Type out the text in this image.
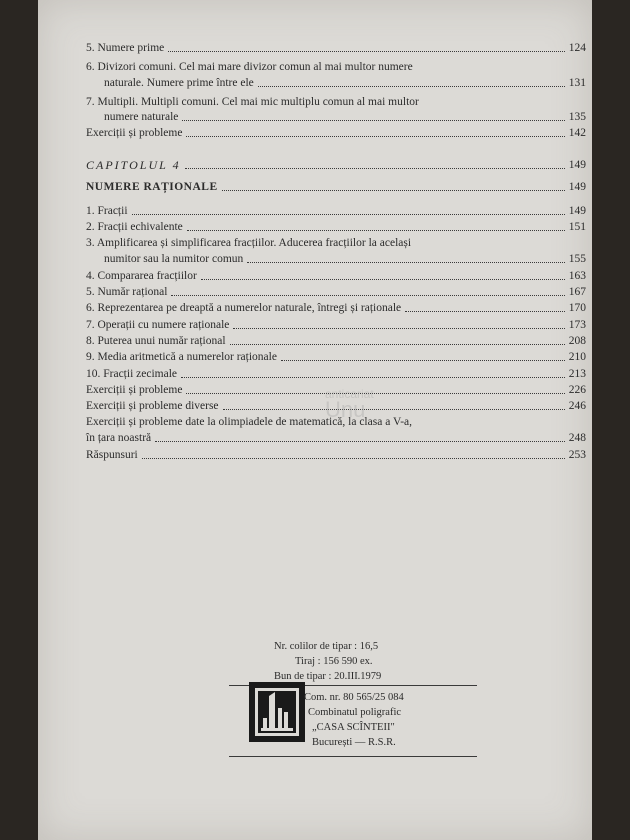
5. Numere prime	124
6. Divizori comuni. Cel mai mare divizor comun al mai multor numere
naturale. Numere prime între ele	131
7. Multipli. Multipli comuni. Cel mai mic multiplu comun al mai multor
numere naturale	135
Exerciții și probleme	142
CAPITOLUL 4	149
NUMERE RAȚIONALE	149
1. Fracții	149
2. Fracții echivalente	151
3. Amplificarea și simplificarea fracțiilor. Aducerea fracțiilor la același
numitor sau la numitor comun	155
4. Compararea fracțiilor	163
5. Număr rațional	167
6. Reprezentarea pe dreaptă a numerelor naturale, întregi și raționale	170
7. Operații cu numere raționale	173
8. Puterea unui număr rațional	208
9. Media aritmetică a numerelor raționale	210
10. Fracții zecimale	213
Exerciții și probleme	226
Exerciții și probleme diverse	246
Exerciții și probleme date la olimpiadele de matematică, la clasa a V-a,
în țara noastră	248
Răspunsuri	253
anticariat
Unu
Nr. colilor de tipar : 16,5
Tiraj : 156 590 ex.
Bun de tipar : 20.III.1979
Com. nr. 80 565/25 084
Combinatul poligrafic
„CASA SCÎNTEII"
București — R.S.R.
